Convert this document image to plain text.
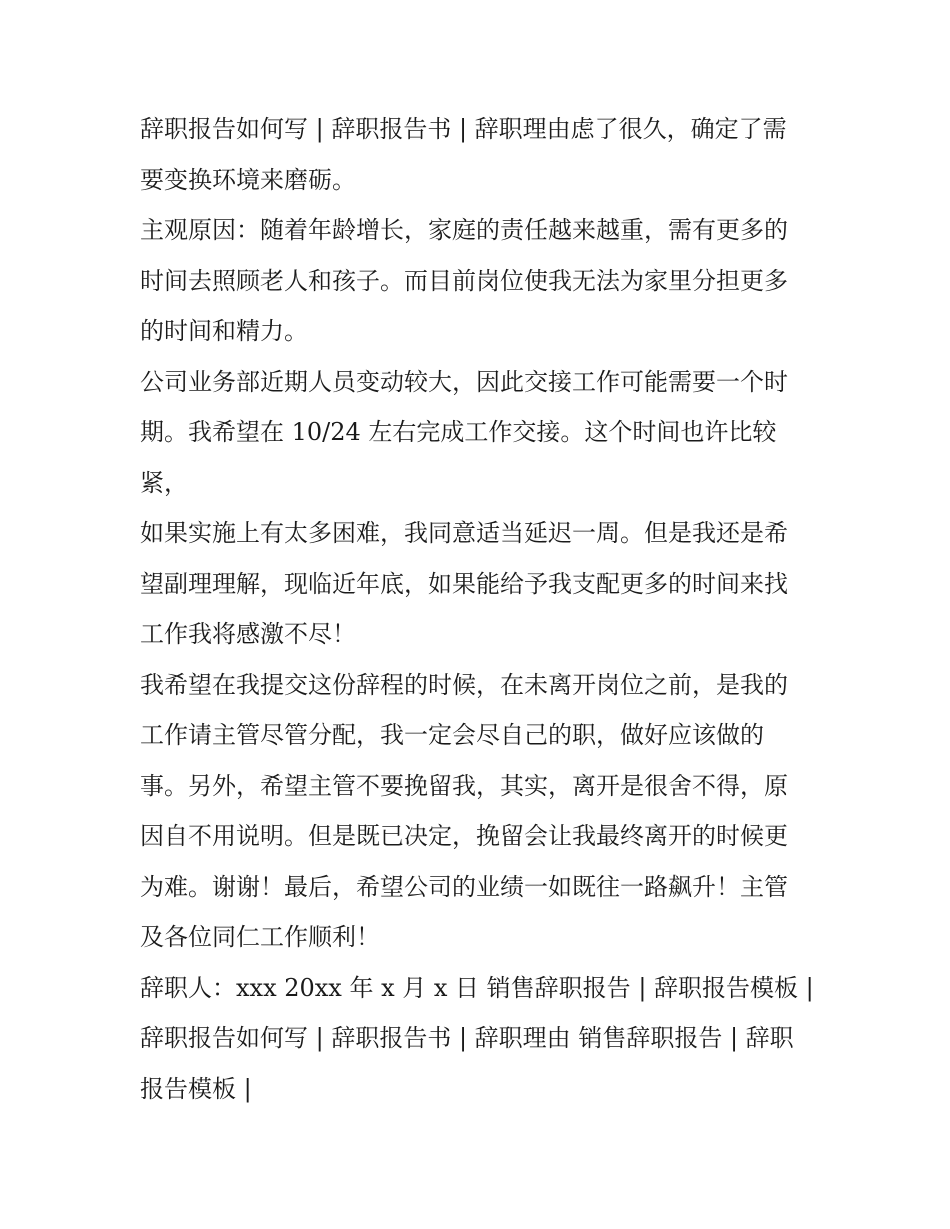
辞职报告如何写 | 辞职报告书 | 辞职理由虑了很久，确定了需
要变换环境来磨砺。
主观原因：随着年龄增长，家庭的责任越来越重，需有更多的
时间去照顾老人和孩子。而目前岗位使我无法为家里分担更多
的时间和精力。
公司业务部近期人员变动较大，因此交接工作可能需要一个时
期。我希望在 10/24 左右完成工作交接。这个时间也许比较
紧，
如果实施上有太多困难，我同意适当延迟一周。但是我还是希
望副理理解，现临近年底，如果能给予我支配更多的时间来找
工作我将感激不尽！
我希望在我提交这份辞程的时候，在未离开岗位之前，是我的
工作请主管尽管分配，我一定会尽自己的职，做好应该做的
事。另外，希望主管不要挽留我，其实，离开是很舍不得，原
因自不用说明。但是既已决定，挽留会让我最终离开的时候更
为难。谢谢！最后，希望公司的业绩一如既往一路飙升！主管
及各位同仁工作顺利！
辞职人：xxx 20xx 年 x 月 x 日 销售辞职报告 | 辞职报告模板 |
辞职报告如何写 | 辞职报告书 | 辞职理由 销售辞职报告 | 辞职
报告模板 |
